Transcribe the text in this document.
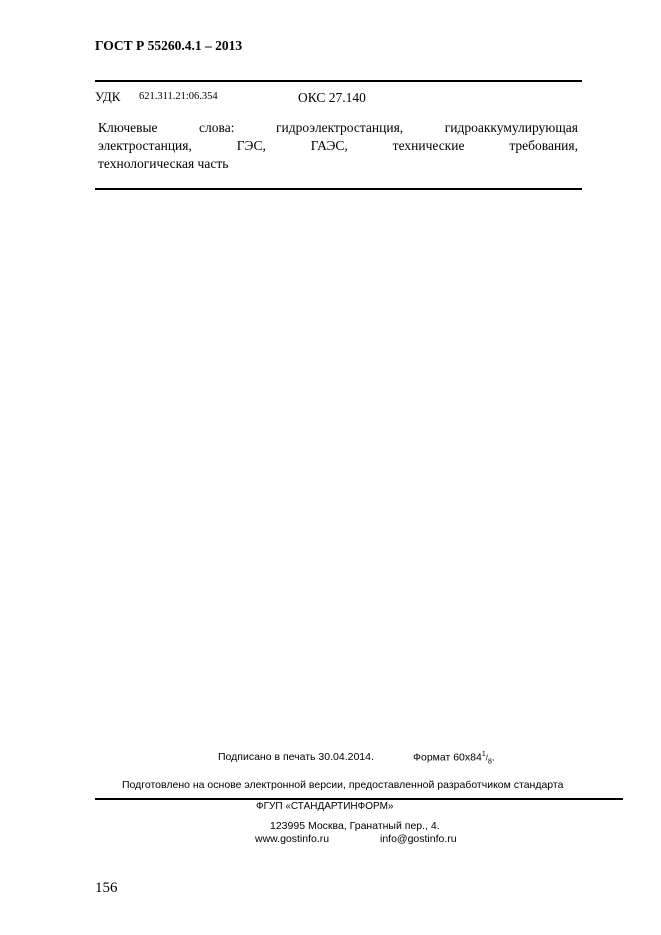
ГОСТ Р 55260.4.1 – 2013
УДК 621.311.21:06.354	ОКС 27.140
Ключевые слова: гидроэлектростанция, гидроаккумулирующая
электростанция, ГЭС, ГАЭС, технические требования,
технологическая часть
Подписано в печать 30.04.2014.	Формат $60x84^1/_8$.
Подготовлено на основе электронной версии, предоставленной разработчиком стандарта
ФГУП «СТАНДАРТИНФОРМ»
123995 Москва, Гранатный пер., 4.
www.gostinfo.ru	info@gostinfo.ru
156
